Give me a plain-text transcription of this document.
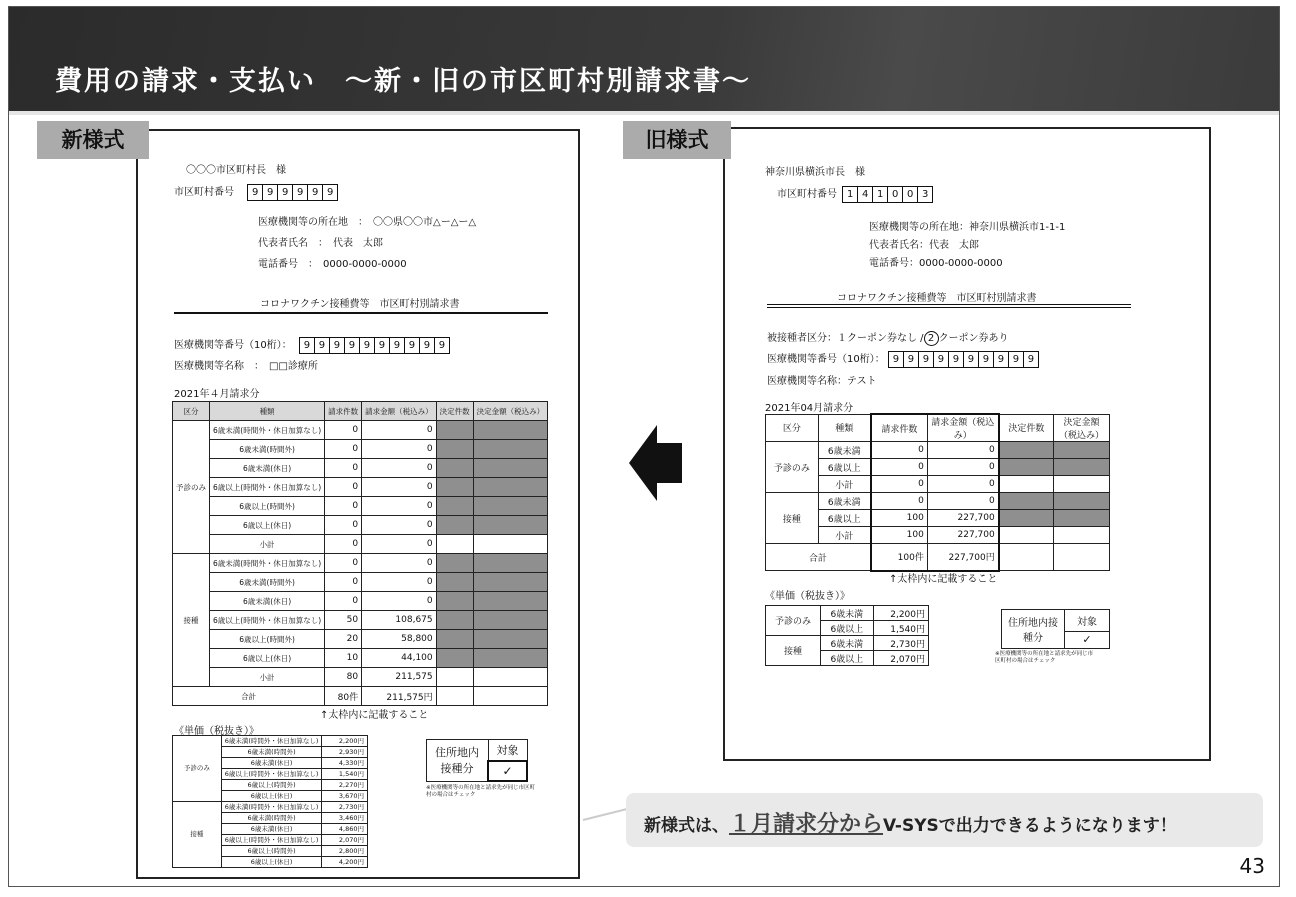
費用の請求・支払い　～新・旧の市区町村別請求書～
〇〇〇市区町村長　様
市区町村番号	9 9 9 9 9 9
医療機関等の所在地　：　〇〇県〇〇市△ー△ー△
代表者氏名　：　代表　太郎
電話番号　：　0000-0000-0000
コロナワクチン接種費等　市区町村別請求書
医療機関等番号（10桁）：	9 9 9 9 9 9 9 9 9 9
医療機関等名称　：　□□診療所
2021年４月請求分
区分	種類	請求件数	請求金額（税込み）	決定件数	決定金額（税込み）
予診のみ	6歳未満(時間外・休日加算なし)	0	0		
	6歳未満(時間外)	0	0		
	6歳未満(休日)	0	0		
	6歳以上(時間外・休日加算なし)	0	0		
	6歳以上(時間外)	0	0		
	6歳以上(休日)	0	0		
	小計	0	0		
接種	6歳未満(時間外・休日加算なし)	0	0		
	6歳未満(時間外)	0	0		
	6歳未満(休日)	0	0		
	6歳以上(時間外・休日加算なし)	50	108,675		
	6歳以上(時間外)	20	58,800		
	6歳以上(休日)	10	44,100		
	小計	80	211,575		
合計		80件	211,575円		
↑太枠内に記載すること
《単価（税抜き）》
予診のみ	6歳未満(時間外・休日加算なし)	2,200円
	6歳未満(時間外)	2,930円
	6歳未満(休日)	4,330円
	6歳以上(時間外・休日加算なし)	1,540円
	6歳以上(時間外)	2,270円
	6歳以上(休日)	3,670円
接種	6歳未満(時間外・休日加算なし)	2,730円
	6歳未満(時間外)	3,460円
	6歳未満(休日)	4,860円
	6歳以上(時間外・休日加算なし)	2,070円
	6歳以上(時間外)	2,800円
	6歳以上(休日)	4,200円
住所地内接種分	対象
✓
※医療機関等の所在地と請求先が同じ市区町村の場合はチェック
新様式
神奈川県横浜市長　様
市区町村番号	1 4 1 0 0 3
医療機関等の所在地：神奈川県横浜市1-1-1
代表者氏名：代表　太郎
電話番号：0000-0000-0000
コロナワクチン接種費等　市区町村別請求書
被接種者区分：１クーポン券なし / 2 クーポン券あり
医療機関等番号（10桁）： 9 9 9 9 9 9 9 9 9 9
医療機関等名称：テスト
2021年04月請求分
区分	種類	請求件数	請求金額（税込み）	決定件数	決定金額（税込み）
予診のみ	6歳未満	0	0		
	6歳以上	0	0		
	小計	0	0		
接種	6歳未満	0	0		
	6歳以上	100	227,700		
	小計	100	227,700		
合計		100件	227,700円		
↑太枠内に記載すること
《単価（税抜き）》
予診のみ	6歳未満	2,200円
	6歳以上	1,540円
接種	6歳未満	2,730円
	6歳以上	2,070円
住所地内接種分	対象
✓
※医療機関等の所在地と請求先が同じ市区町村の場合はチェック
旧様式
新様式は、１月請求分からV-SYSで出力できるようになります！
43
